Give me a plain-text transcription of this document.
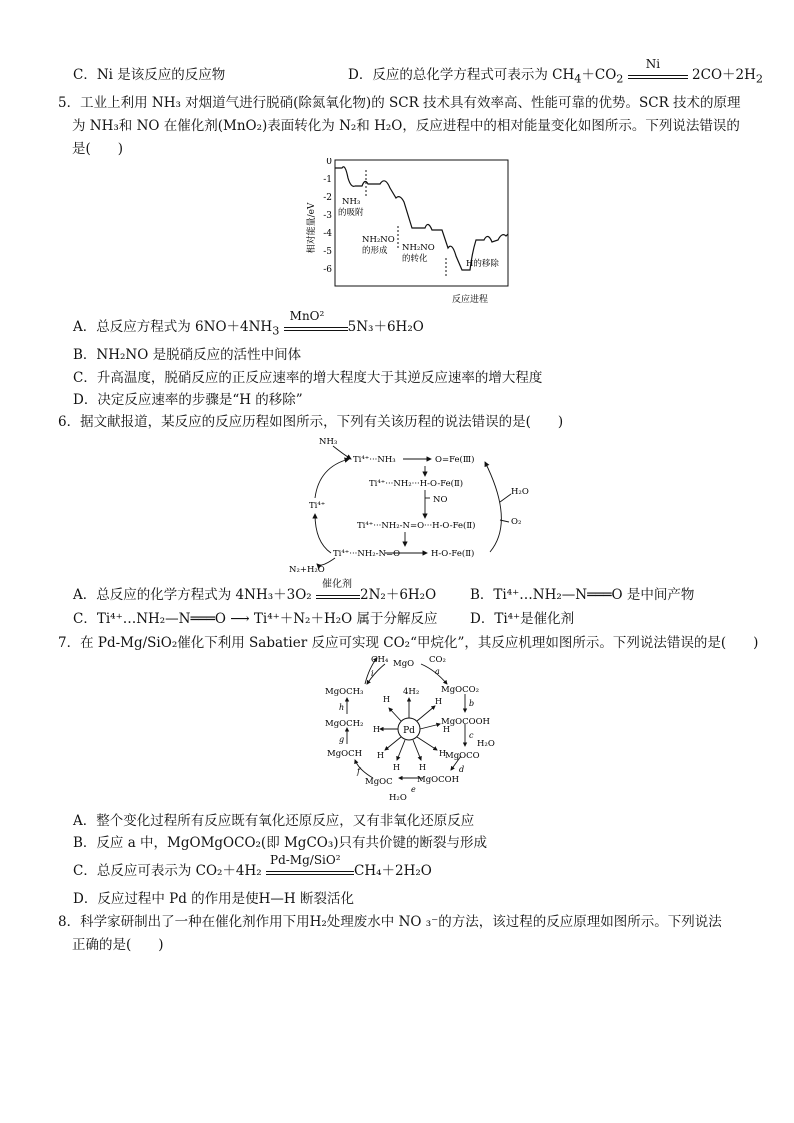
C．Ni 是该反应的反应物	D．反应的总化学方程式可表示为 $CH_4+CO_2$
Ni
$2CO+2H_2$
5．工业上利用 NH₃ 对烟道气进行脱硝(除氮氧化物)的 SCR 技术具有效率高、性能可靠的优势。SCR 技术的原理
为 NH₃和 NO 在催化剂(MnO₂)表面转化为 N₂和 H₂O，反应进程中的相对能量变化如图所示。下列说法错误的
是(　　)
相对能量/eV
0
-1
-2
-3
-4
-5
-6
NH₃
的吸附
NH₂NO
的形成 NH₂NO
的转化	H的移除
反应进程
A．总反应方程式为 $6NO+4NH_3$
MnO²
5N₃＋6H₂O
B．NH₂NO 是脱硝反应的活性中间体
C．升高温度，脱硝反应的正反应速率的增大程度大于其逆反应速率的增大程度
D．决定反应速率的步骤是“H 的移除”
6．据文献报道，某反应的反应历程如图所示，下列有关该历程的说法错误的是(　　)
NH₃
Ti⁴⁺···NH₃	O=Fe(Ⅲ)
Ti⁴⁺···NH₂···H-O-Fe(Ⅱ)
NO
Ti⁴⁺
H₂O
O₂
Ti⁴⁺···NH₂-N=O···H-O-Fe(Ⅱ)
N₂+H₂O
Ti⁴⁺···NH₂-N=O	H-O-Fe(Ⅱ)
A．总反应的化学方程式为 4NH₃＋3O₂
催化剂
2N₂＋6H₂O	B．Ti⁴⁺…NH₂—N═══O 是中间产物
C．Ti⁴⁺…NH₂—N═══O ⟶ Ti⁴⁺＋N₂＋H₂O 属于分解反应 D．Ti⁴⁺是催化剂
7．在 Pd-Mg/SiO₂催化下利用 Sabatier 反应可实现 CO₂“甲烷化”，其反应机理如图所示。下列说法错误的是(　　)
Pd
CH₄ MgO CO₂
MgOCO₂
MgOCOOH
H₂O
MgOCO
MgOCOH
MgOC
H₂O
MgOCH
MgOCH₂
MgOCH₃	4H₂
H
H
H
H H
H
H
H
a
b
c
d
e
f
g
h
i
A．整个变化过程所有反应既有氧化还原反应，又有非氧化还原反应
B．反应 a 中，MgOMgOCO₂(即 MgCO₃)只有共价键的断裂与形成
C．总反应可表示为 CO₂＋4H₂
Pd-Mg/SiO²
CH₄＋2H₂O
D．反应过程中 Pd 的作用是使H—H 断裂活化
8．科学家研制出了一种在催化剂作用下用H₂处理废水中 NO ₃⁻的方法，该过程的反应原理如图所示。下列说法
正确的是(　　)
